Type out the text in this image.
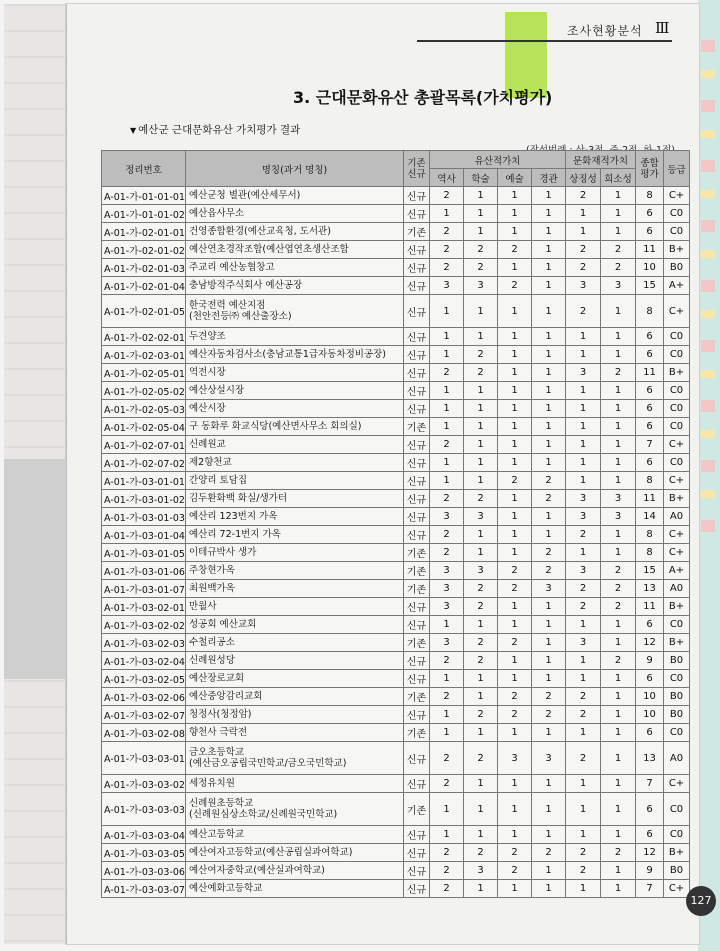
조사현황분석 Ⅲ
3. 근대문화유산 총괄목록(가치평가)
▼ 예산군 근대문화유산 가치평가 결과
정리번호	명칭(과거 명칭)	기존 신규	유산적가치				문화재적가치		종합 평가	등급
			역사	학술	예술	경관	상징성	희소성		
A-01-가-01-01-01	예산군청 별관(예산세무서)	신규	2	1	1	1	2	1	8	C+
A-01-가-01-01-02	예산읍사무소	신규	1	1	1	1	1	1	6	C0
A-01-가-02-01-01	건영종합환경(예산교육청, 도서관)	기존	2	1	1	1	1	1	6	C0
A-01-가-02-01-02	예산연초경작조합(예산엽연초생산조합	신규	2	2	2	1	2	2	11	B+
A-01-가-02-01-03	주교리 예산농협창고	신규	2	2	1	1	2	2	10	B0
A-01-가-02-01-04	충남방적주식회사 예산공장	신규	3	3	2	1	3	3	15	A+
A-01-가-02-01-05	한국전력 예산지점
(천안전등㈜ 예산출장소)	신규	1	1	1	1	2	1	8	C+
A-01-가-02-02-01	두견양조	신규	1	1	1	1	1	1	6	C0
A-01-가-02-03-01	예산자동차검사소(충남교통1급자동차정비공장)	신규	1	2	1	1	1	1	6	C0
A-01-가-02-05-01	역전시장	신규	2	2	1	1	3	2	11	B+
A-01-가-02-05-02	예산상설시장	신규	1	1	1	1	1	1	6	C0
A-01-가-02-05-03	예산시장	신규	1	1	1	1	1	1	6	C0
A-01-가-02-05-04	구 동화루 화교식당(예산면사무소 회의실)	기존	1	1	1	1	1	1	6	C0
A-01-가-02-07-01	신례원교	신규	2	1	1	1	1	1	7	C+
A-01-가-02-07-02	제2향천교	신규	1	1	1	1	1	1	6	C0
A-01-가-03-01-01	간양리 토담집	신규	1	1	2	2	1	1	8	C+
A-01-가-03-01-02	김두환화백 화실/생가터	신규	2	2	1	2	3	3	11	B+
A-01-가-03-01-03	예산리 123번지 가옥	신규	3	3	1	1	3	3	14	A0
A-01-가-03-01-04	예산리 72-1번지 가옥	신규	2	1	1	1	2	1	8	C+
A-01-가-03-01-05	이테규박사 생가	기존	2	1	1	2	1	1	8	C+
A-01-가-03-01-06	주창현가옥	기존	3	3	2	2	3	2	15	A+
A-01-가-03-01-07	최원백가옥	기존	3	2	2	3	2	2	13	A0
A-01-가-03-02-01	만월사	신규	3	2	1	1	2	2	11	B+
A-01-가-03-02-02	성공회 예산교회	신규	1	1	1	1	1	1	6	C0
A-01-가-03-02-03	수철리공소	기존	3	2	2	1	3	1	12	B+
A-01-가-03-02-04	신례원성당	신규	2	2	1	1	1	2	9	B0
A-01-가-03-02-05	예산장로교회	신규	1	1	1	1	1	1	6	C0
A-01-가-03-02-06	예산중앙감리교회	기존	2	1	2	2	2	1	10	B0
A-01-가-03-02-07	청정사(청정암)	신규	1	2	2	2	2	1	10	B0
A-01-가-03-02-08	향천사 극락전	기존	1	1	1	1	1	1	6	C0
A-01-가-03-03-01	금오초등학교
(예산금오공립국민학교/금오국민학교)	신규	2	2	3	3	2	1	13	A0
A-01-가-03-03-02	세정유치원	신규	2	1	1	1	1	1	7	C+
A-01-가-03-03-03	신례원초등학교
(신례원심상소학교/신례원국민학교)	기존	1	1	1	1	1	1	6	C0
A-01-가-03-03-04	예산고등학교	신규	1	1	1	1	1	1	6	C0
A-01-가-03-03-05	예산여자고등학교(예산공립실과여학교)	신규	2	2	2	2	2	2	12	B+
A-01-가-03-03-06	예산여자중학교(예산실과여학교)	신규	2	3	2	1	2	1	9	B0
A-01-가-03-03-07	예산예화고등학교	신규	2	1	1	1	1	1	7	C+
127
